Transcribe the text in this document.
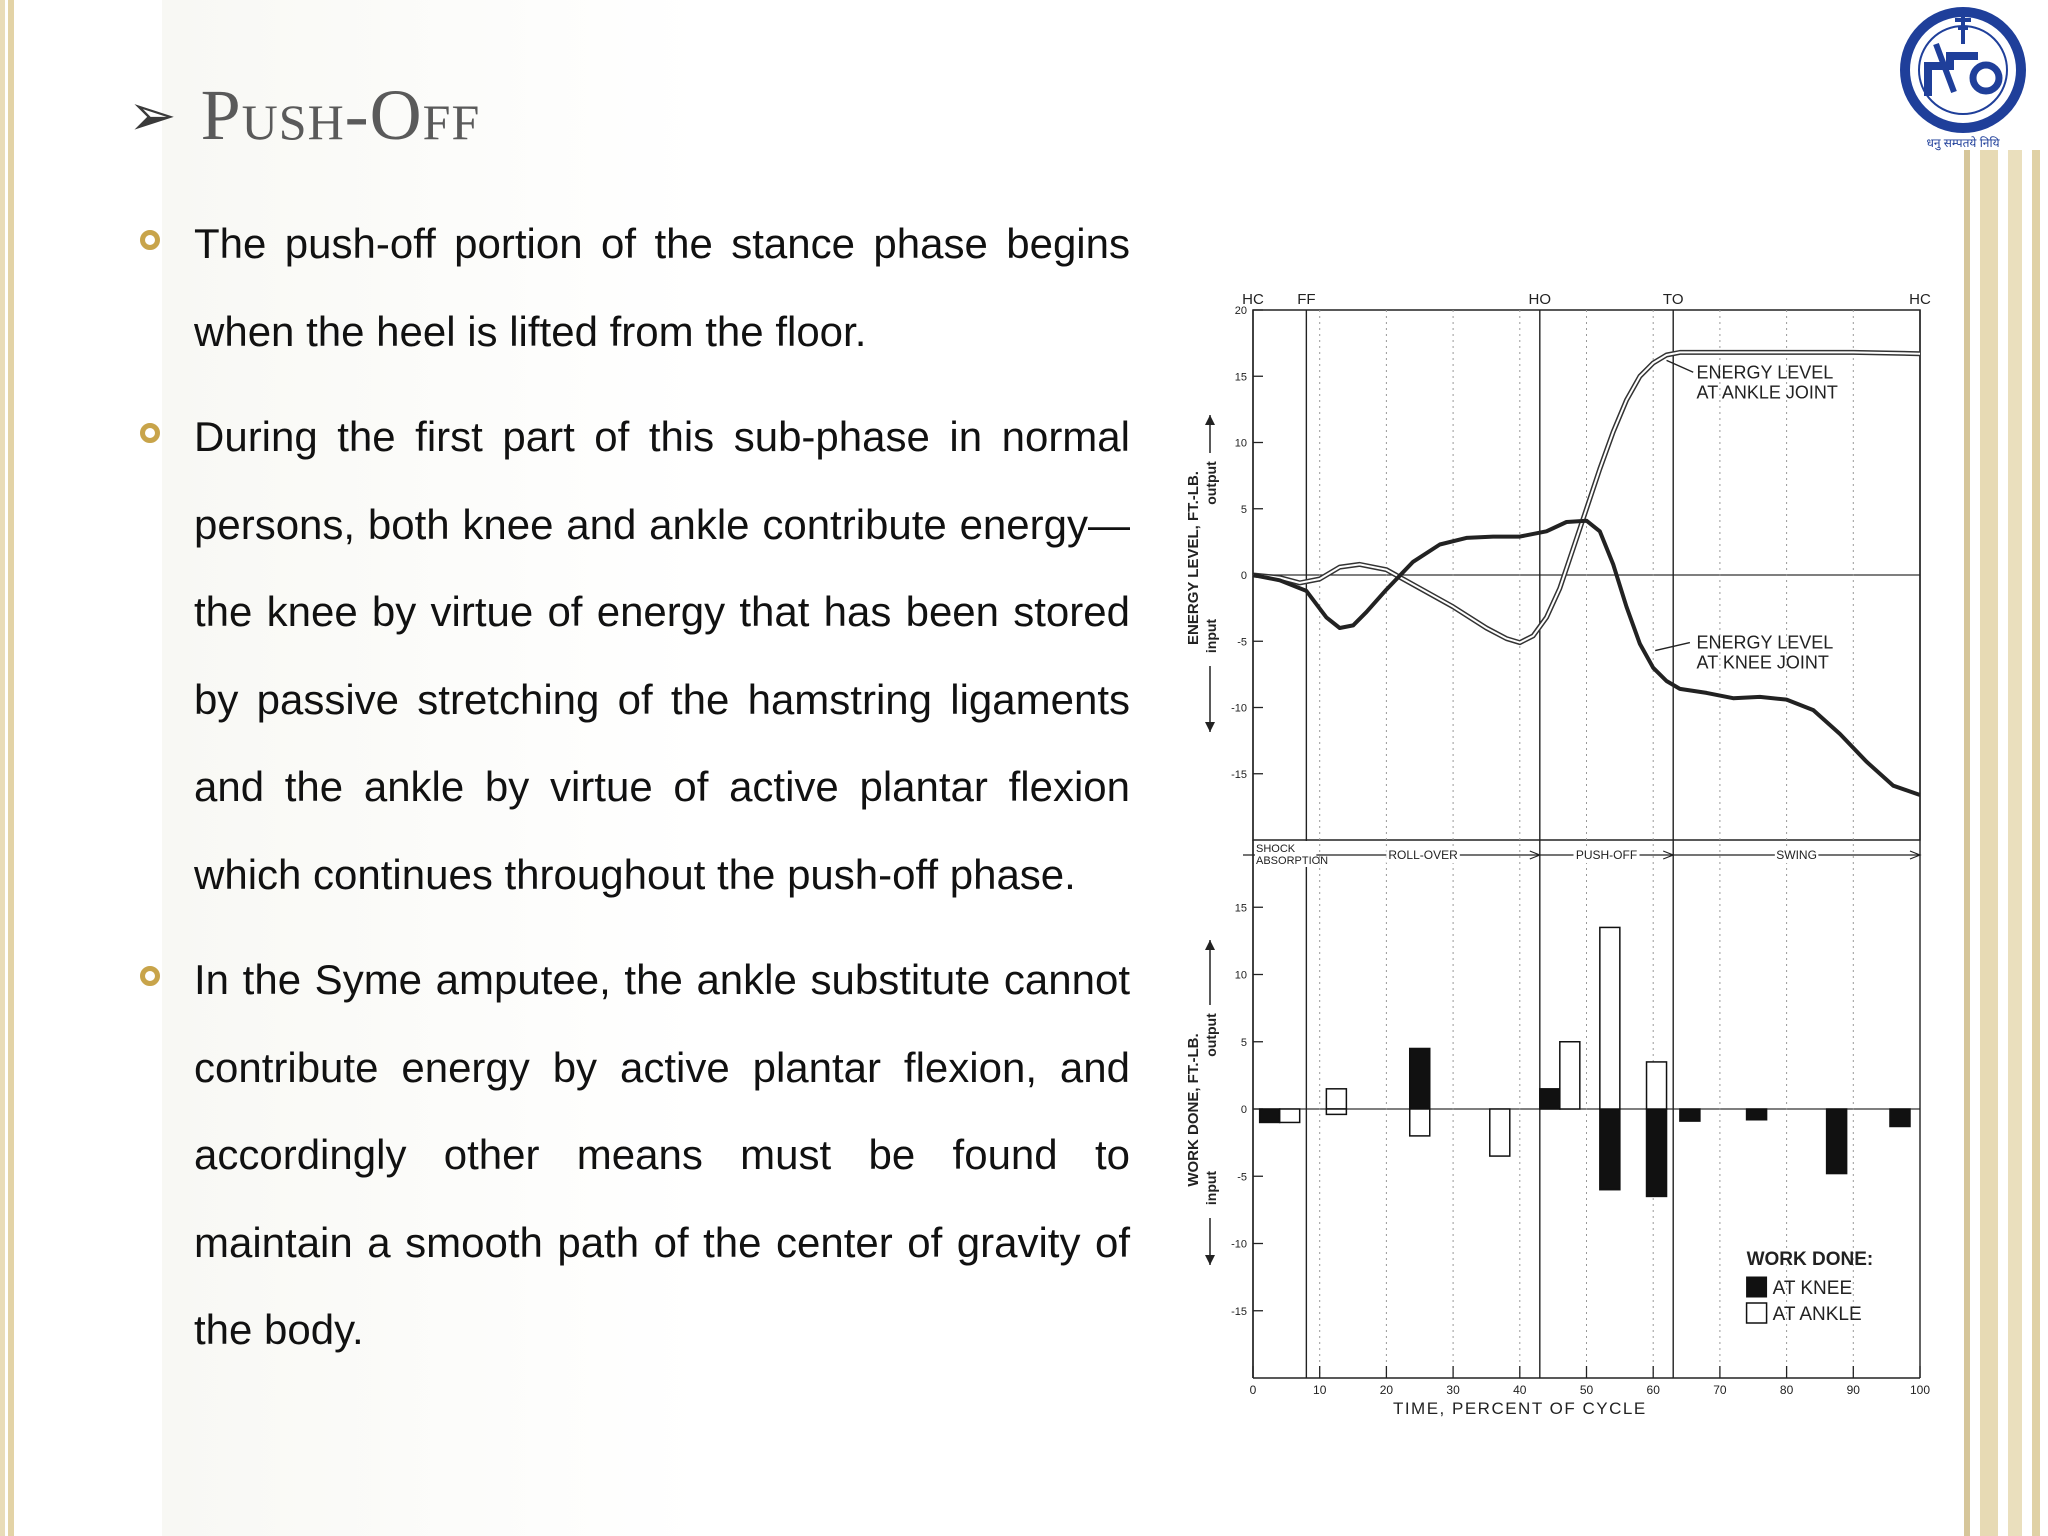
➢ Push-Off	धनु सम्पतये नियि
The push-off portion of the stance phase begins when the heel is lifted from the floor.
During the first part of this sub-phase in normal persons, both knee and ankle contribute energy— the knee by virtue of energy that has been stored by passive stretching of the hamstring ligaments and the ankle by virtue of active plantar flexion which continues throughout the push-off phase.
In the Syme amputee, the ankle substitute cannot contribute energy by active plantar flexion, and accordingly other means must be found to maintain a smooth path of the center of gravity of the body.
HC FF	HO	TO	HC
20
15
10
5
0
-5
-10
-15
15
10
5
0
-5
-10
-15
ENERGY LEVEL, FT.-LB. output
input
WORK DONE, FT.-LB. output
input
ENERGY LEVEL
AT ANKLE JOINT
ENERGY LEVEL
AT KNEE JOINT
SHOCK
ABSORPTION	ROLL-OVER	PUSH-OFF	SWING
0	10	20	30	40	50	60	70	80	90	100
TIME, PERCENT OF CYCLE
WORK DONE:
AT KNEE
AT ANKLE
